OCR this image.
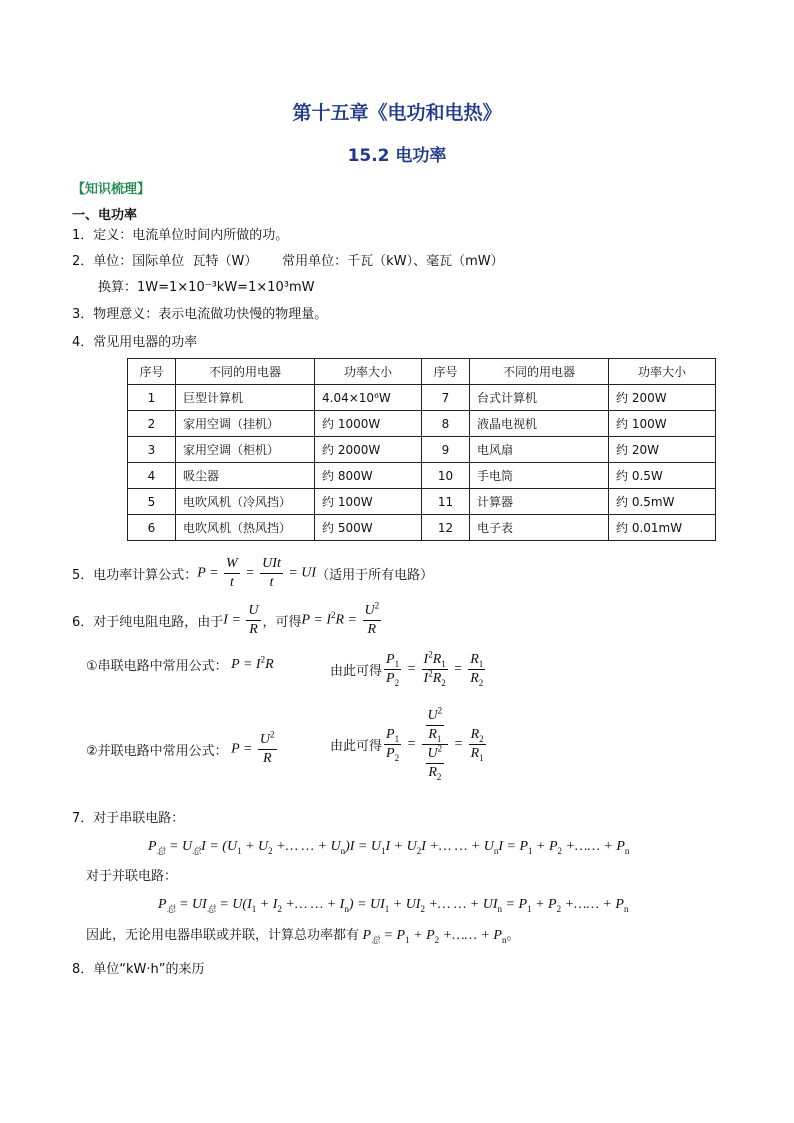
第十五章《电功和电热》
15.2 电功率
【知识梳理】
一、电功率
1．定义：电流单位时间内所做的功。
2．单位：国际单位  瓦特（W）      常用单位：千瓦（kW）、毫瓦（mW）
换算：1W=1×10⁻³kW=1×10³mW
3．物理意义：表示电流做功快慢的物理量。
4．常见用电器的功率
序号	不同的用电器	功率大小	序号	不同的用电器	功率大小
1	巨型计算机	4.04×10⁶W	7	台式计算机	约 200W
2	家用空调（挂机）	约 1000W	8	液晶电视机	约 100W
3	家用空调（柜机）	约 2000W	9	电风扇	约 20W
4	吸尘器	约 800W	10	手电筒	约 0.5W
5	电吹风机（冷风挡）	约 100W	11	计算器	约 0.5mW
6	电吹风机（热风挡）	约 500W	12	电子表	约 0.01mW
5．电功率计算公式： $P = \frac{W}{t} = \frac{\text{UIt}}{t}$ = UI （适用于所有电路）
6．对于纯电阻电路，由于 $I = \frac{U}{R}$ ，可得 $P = I^2R = \frac{U^2}{R}$
①串联电路中常用公式： $P = I^2R$	由此可得 $\frac{P_1}{P_2} = \frac{I^2R_1}{I^2R_2} = \frac{R_1}{R_2}$
②并联电路中常用公式： $P = \frac{U^2}{R}$	由此可得 $\frac{P_1}{P_2} = \frac{\frac{U^2}{R_1}}{\frac{U^2}{R_2}} = \frac{R_2}{R_1}$
7．对于串联电路：
$P_总 = U_总I = (U_1 + U_2$ +… … + $U_n)I = U_1I + U_2I$ +… … + $U_nI = P_1 + P_2$ +…… + $P_n$
对于并联电路：
$P_总 = UI_总 = U(I_1 + I_2$ +… … + $I_n) = UI_1 + UI_2$ +… … + $UI_n = P_1 + P_2$ +…… + $P_n$
因此，无论用电器串联或并联，计算总功率都有 $P_总 = P_1 + P_2$ +…… + $P_n$ 。
8．单位“kW·h”的来历
